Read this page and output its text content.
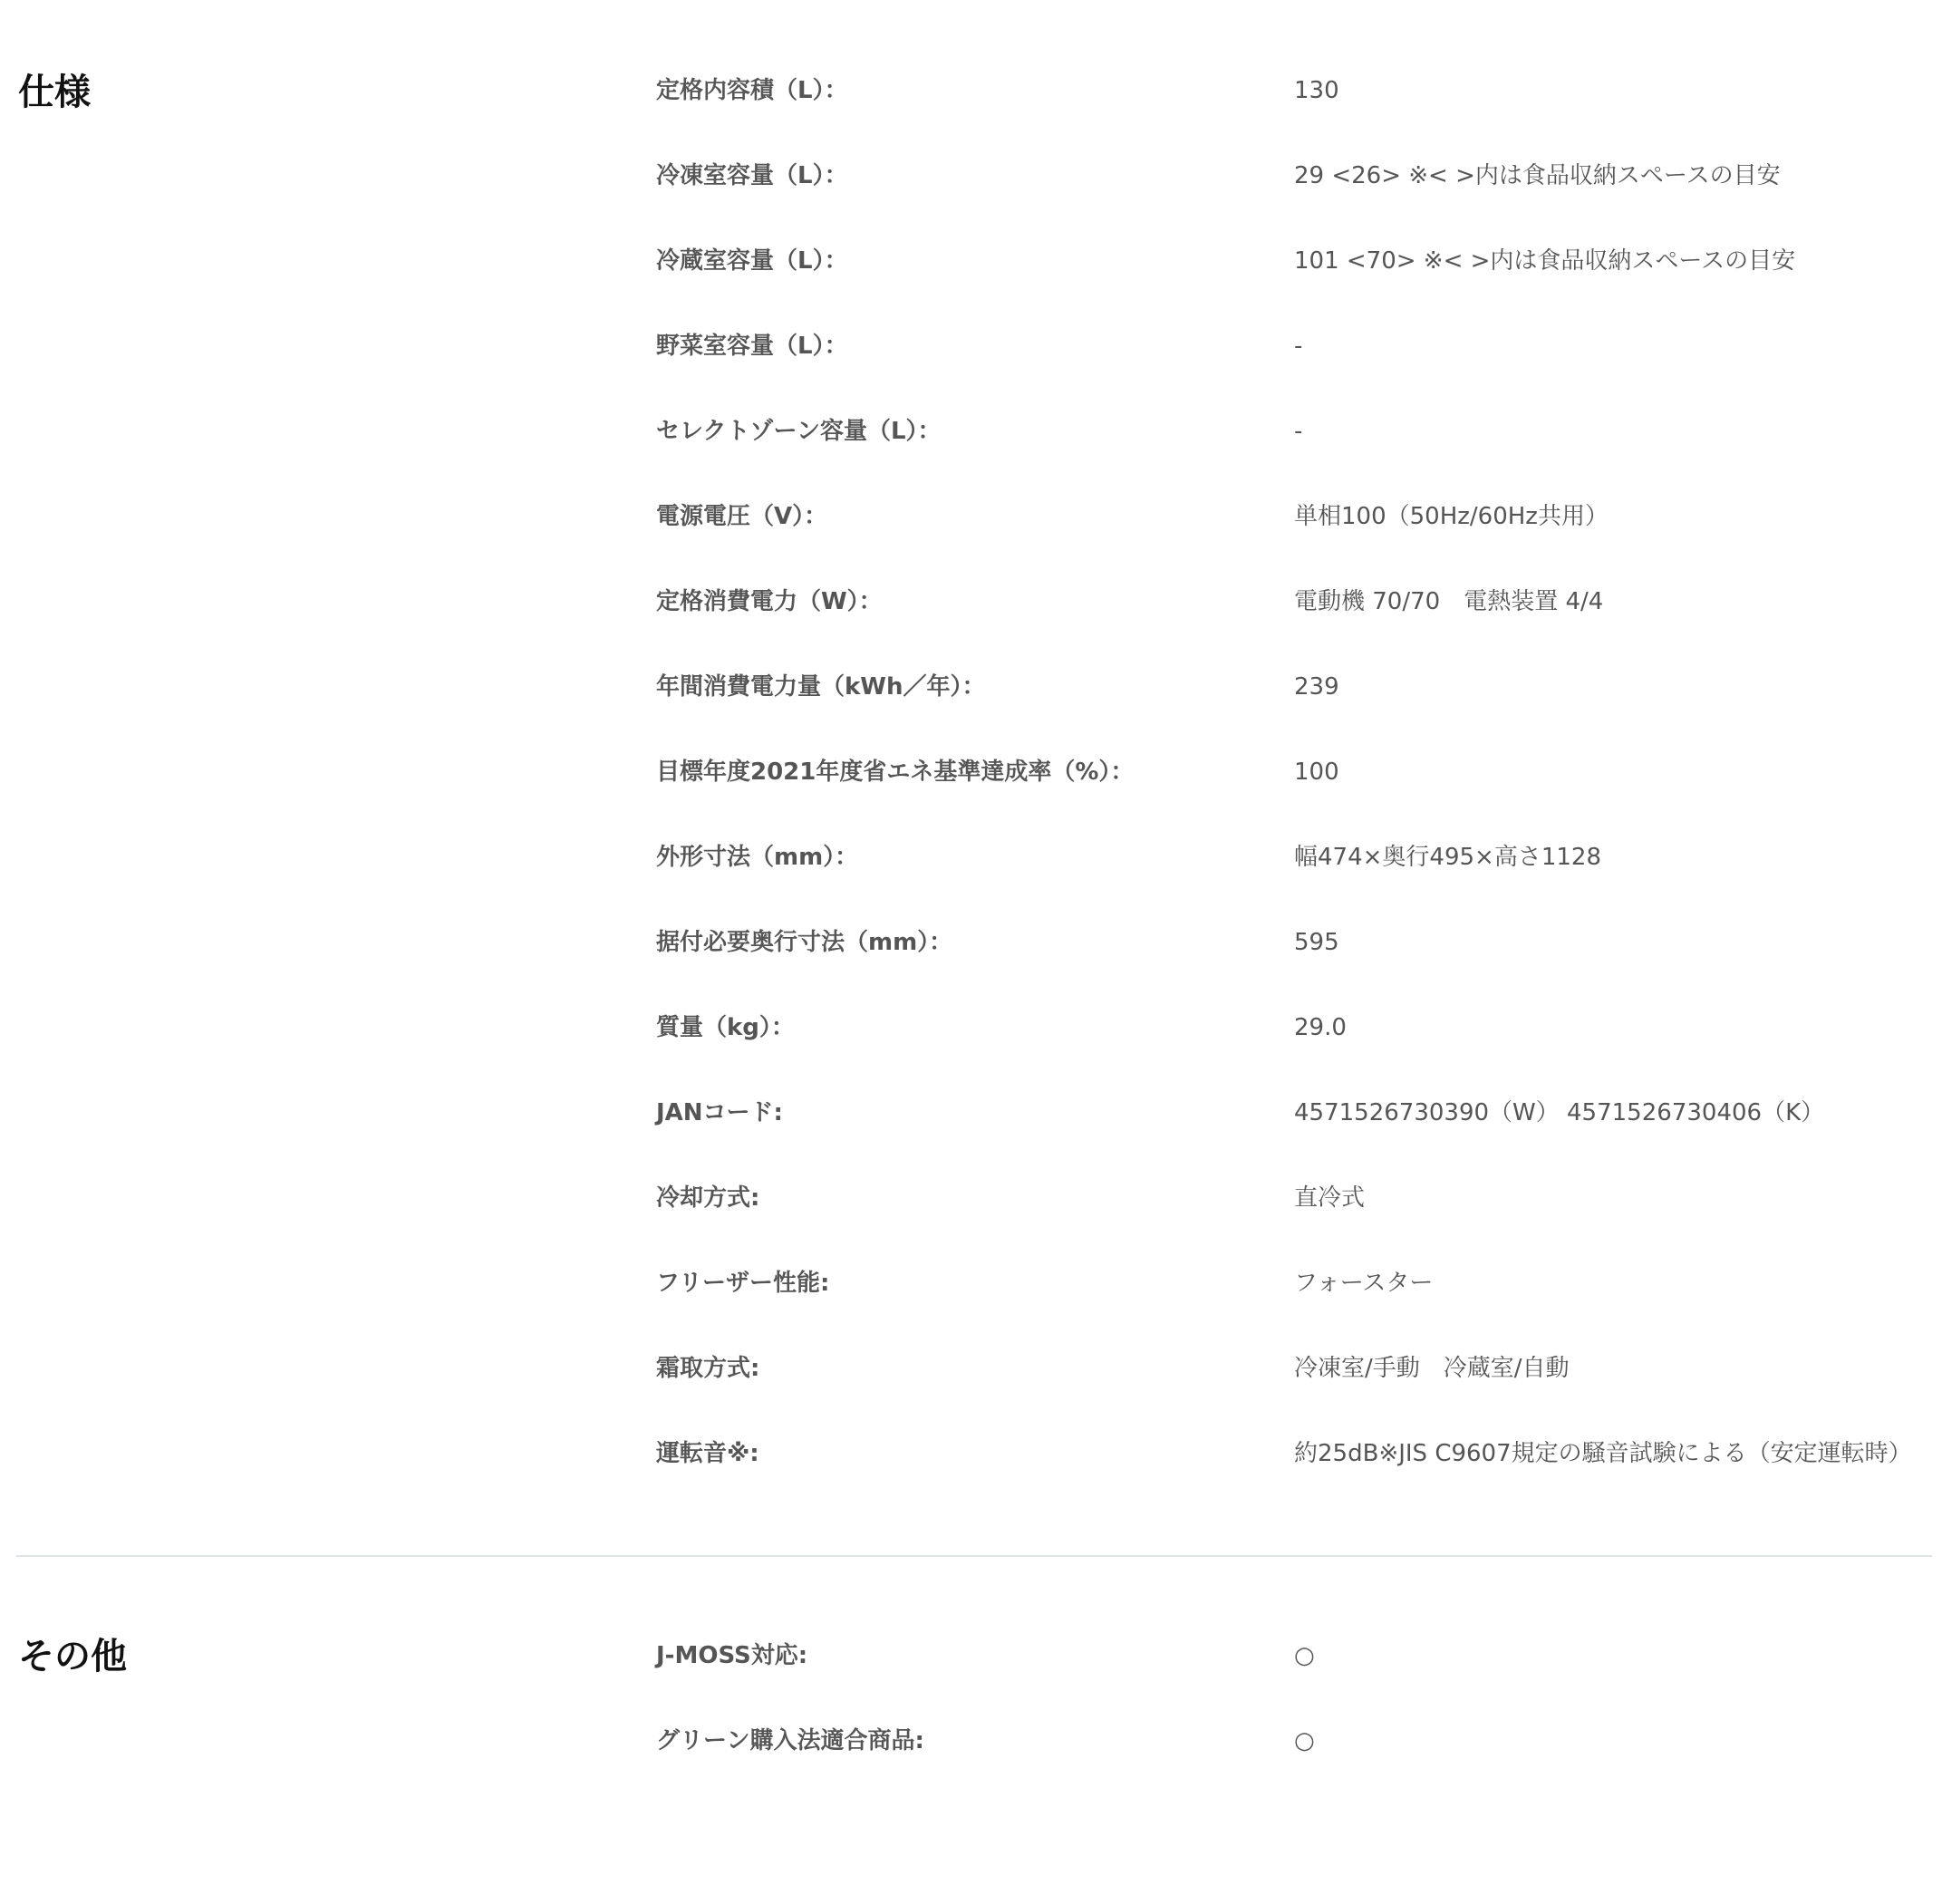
仕様	定格内容積（L）：	130
冷凍室容量（L）：	29 <26> ※< >内は食品収納スペースの目安
冷蔵室容量（L）：	101 <70> ※< >内は食品収納スペースの目安
野菜室容量（L）：	-
セレクトゾーン容量（L）：	-
電源電圧（V）：	単相100（50Hz/60Hz共用）
定格消費電力（W）：	電動機 70/70　電熱装置 4/4
年間消費電力量（kWh／年）：	239
目標年度2021年度省エネ基準達成率（%）：	100
外形寸法（mm）：	幅474×奥行495×高さ1128
据付必要奥行寸法（mm）：	595
質量（kg）：	29.0
JANコード:	4571526730390（W） 4571526730406（K）
冷却方式:	直冷式
フリーザー性能:	フォースター
霜取方式:	冷凍室/手動　冷蔵室/自動
運転音※:	約25dB※JIS C9607規定の騒音試験による（安定運転時）
その他	J-MOSS対応:	○
グリーン購入法適合商品:	○
